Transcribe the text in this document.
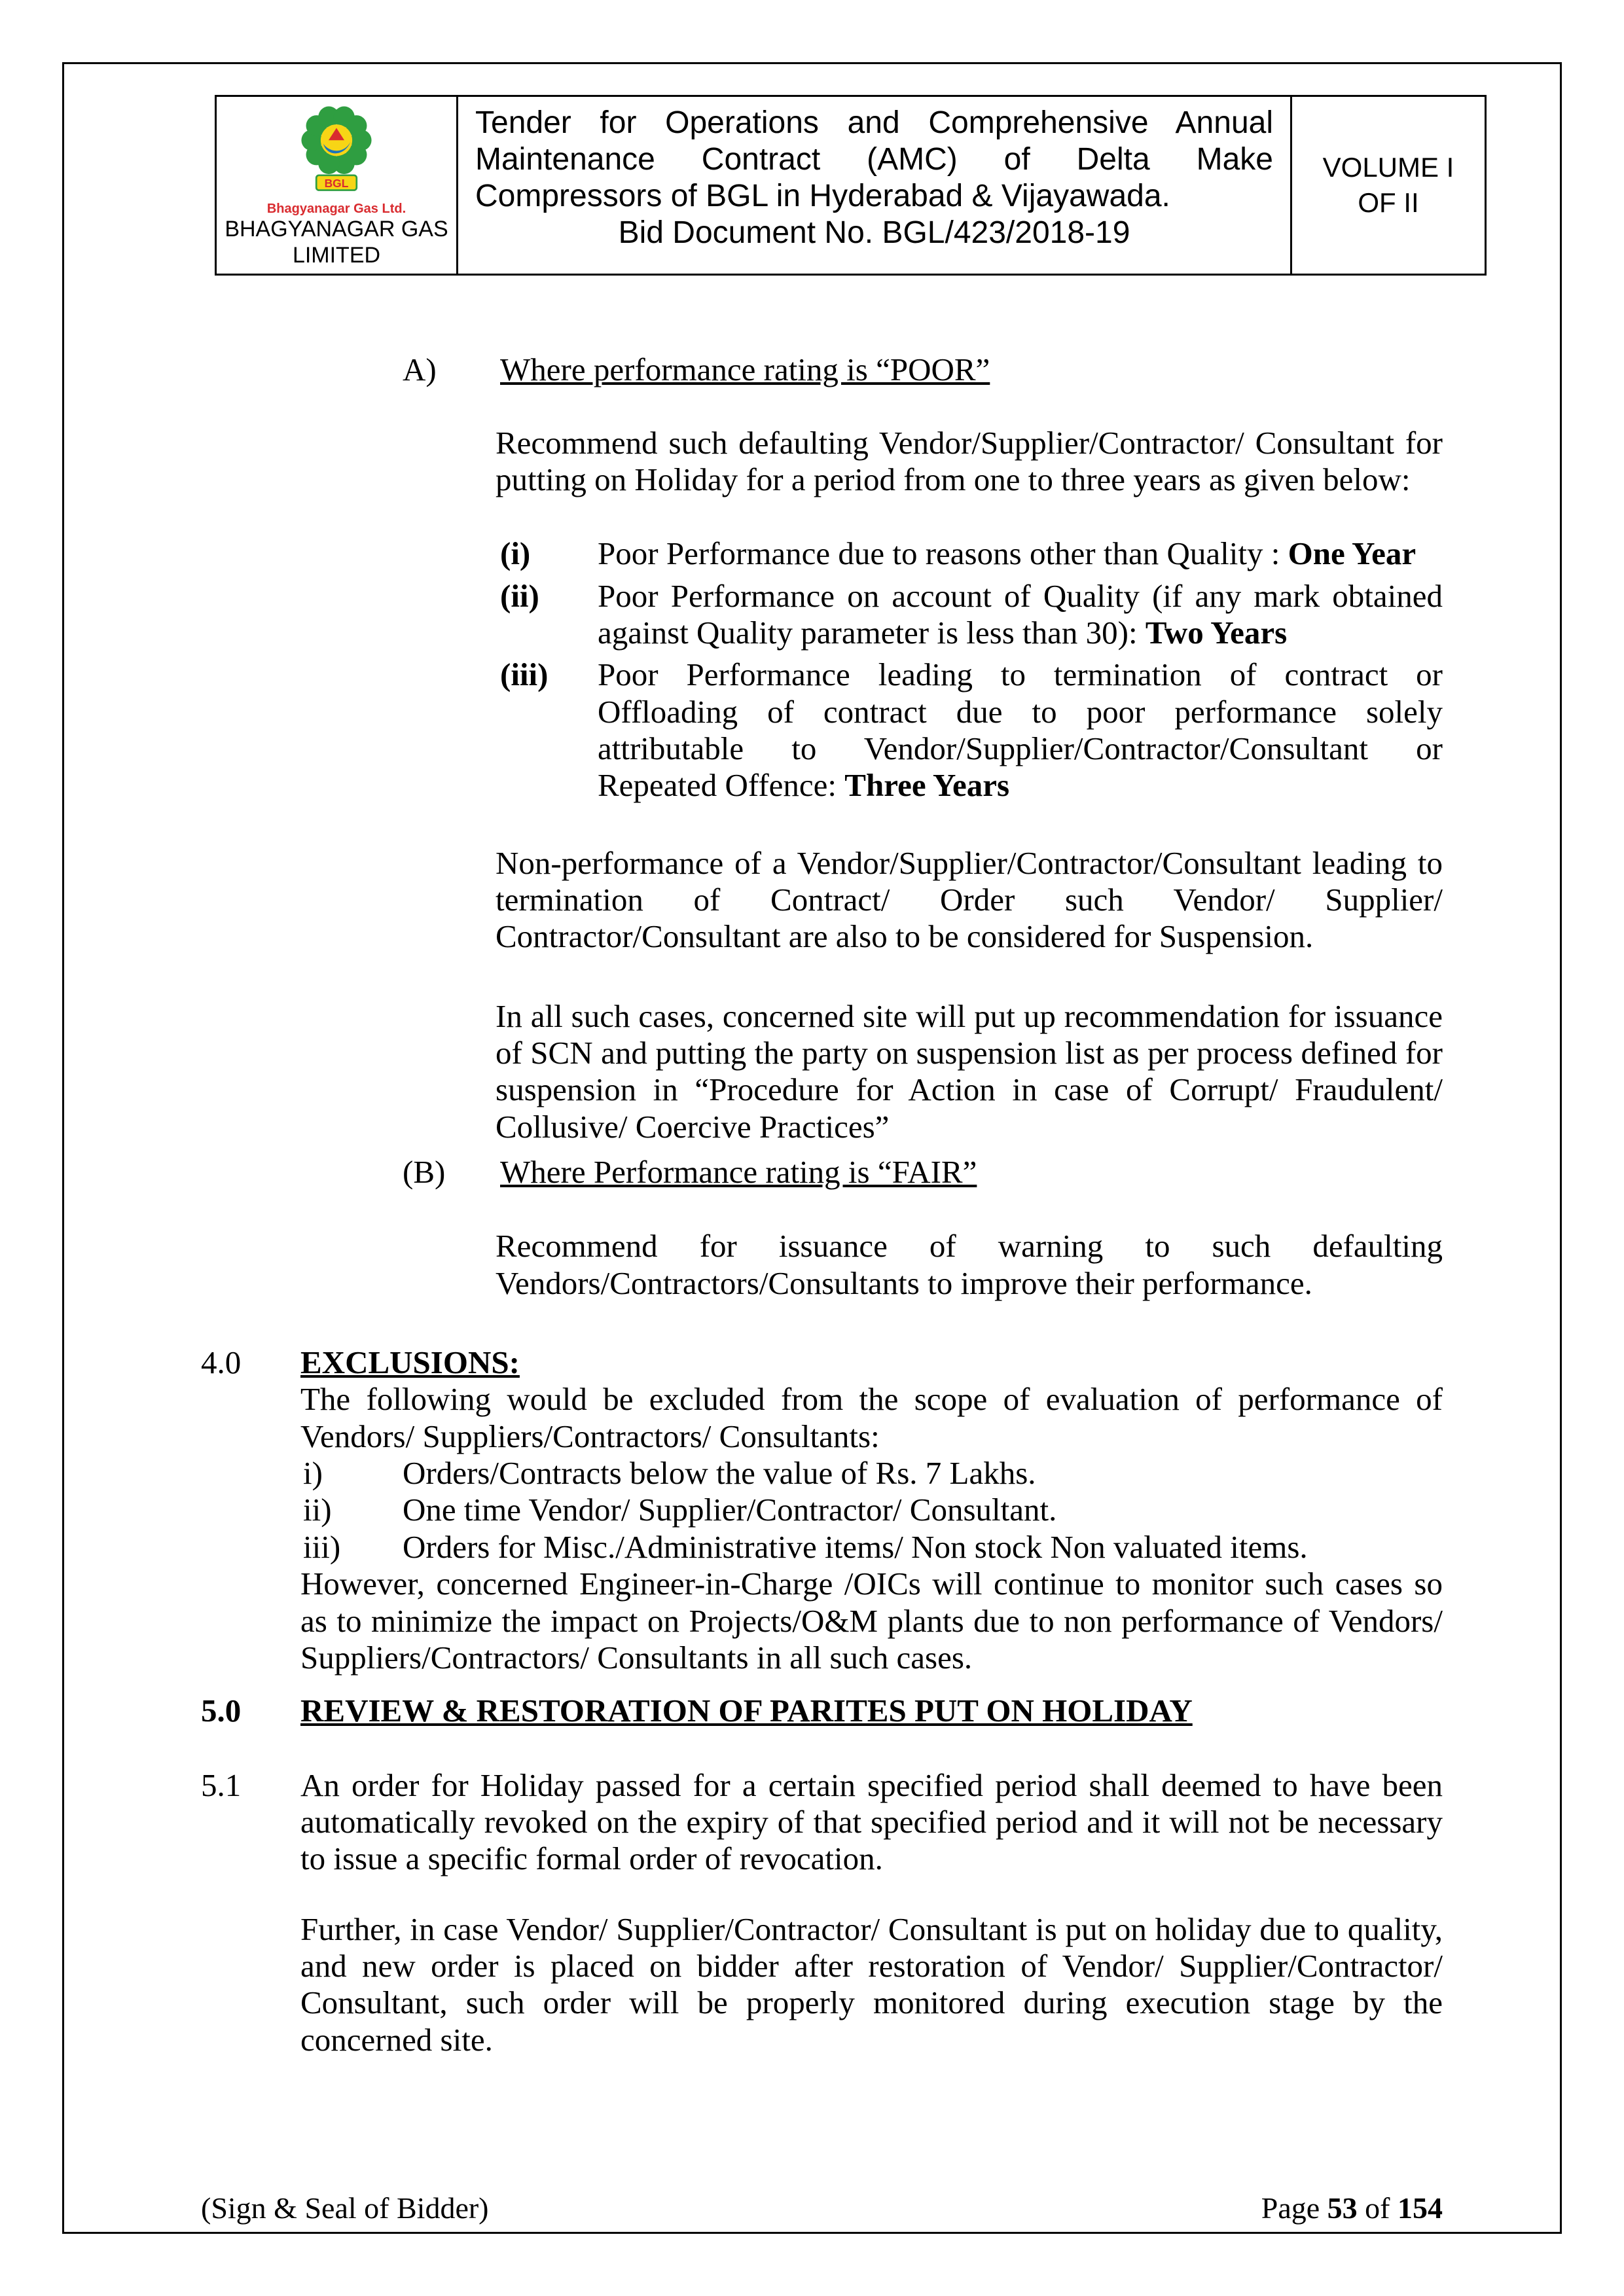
BGL
Bhagyanagar Gas Ltd.
BHAGYANAGAR GAS
LIMITED
Tender for Operations and Comprehensive Annual Maintenance Contract (AMC) of Delta Make Compressors of BGL in Hyderabad & Vijayawada.
Bid Document No. BGL/423/2018-19
VOLUME I
OF II
A) Where performance rating is “POOR”

Recommend such defaulting Vendor/Supplier/Contractor/ Consultant for putting on Holiday for a period from one to three years as given below:

(i) Poor Performance due to reasons other than Quality : One Year
(ii) Poor Performance on account of Quality (if any mark obtained against Quality parameter is less than 30): Two Years
(iii) Poor Performance leading to termination of contract or Offloading of contract due to poor performance solely attributable to Vendor/Supplier/Contractor/Consultant or Repeated Offence: Three Years

Non-performance of a Vendor/Supplier/Contractor/Consultant leading to termination of Contract/ Order such Vendor/ Supplier/ Contractor/Consultant are also to be considered for Suspension.

In all such cases, concerned site will put up recommendation for issuance of SCN and putting the party on suspension list as per process defined for suspension in “Procedure for Action in case of Corrupt/ Fraudulent/ Collusive/ Coercive Practices”

(B) Where Performance rating is “FAIR”

Recommend for issuance of warning to such defaulting Vendors/Contractors/Consultants to improve their performance.

4.0 EXCLUSIONS:

The following would be excluded from the scope of evaluation of performance of Vendors/ Suppliers/Contractors/ Consultants:

i) Orders/Contracts below the value of Rs. 7 Lakhs.
ii) One time Vendor/ Supplier/Contractor/ Consultant.
iii) Orders for Misc./Administrative items/ Non stock Non valuated items.

However, concerned Engineer-in-Charge /OICs will continue to monitor such cases so as to minimize the impact on Projects/O&M plants due to non performance of Vendors/ Suppliers/Contractors/ Consultants in all such cases.

5.0 REVIEW & RESTORATION OF PARITES PUT ON HOLIDAY
5.1 An order for Holiday passed for a certain specified period shall deemed to have been automatically revoked on the expiry of that specified period and it will not be necessary to issue a specific formal order of revocation.

Further, in case Vendor/ Supplier/Contractor/ Consultant is put on holiday due to quality, and new order is placed on bidder after restoration of Vendor/ Supplier/Contractor/ Consultant, such order will be properly monitored during execution stage by the concerned site.

(Sign & Seal of Bidder)	Page 53 of 154
